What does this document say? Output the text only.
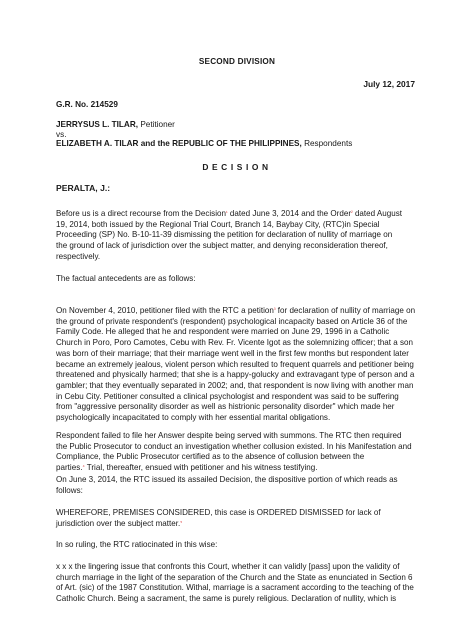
SECOND DIVISION
July 12, 2017
G.R. No. 214529
JERRYSUS L. TILAR, Petitioner
vs.
ELIZABETH A. TILAR and the REPUBLIC OF THE PHILIPPINES, Respondents
DECISION
PERALTA, J.:
Before us is a direct recourse from the Decision$^{^1}$ dated June 3, 2014 and the Order$^{^2}$ dated August
19, 2014, both issued by the Regional Trial Court, Branch 14, Baybay City, (RTC)in Special
Proceeding (SP) No. B-10-11-39 dismissing the petition for declaration of nullity of marriage on
the ground of lack of jurisdiction over the subject matter, and denying reconsideration thereof,
respectively.
The factual antecedents are as follows:
On November 4, 2010, petitioner filed with the RTC a petition$^{^3}$ for declaration of nullity of marriage on
the ground of private respondent's (respondent) psychological incapacity based on Article 36 of the
Family Code. He alleged that he and respondent were married on June 29, 1996 in a Catholic
Church in Poro, Poro Camotes, Cebu with Rev. Fr. Vicente Igot as the solemnizing officer; that a son
was born of their marriage; that their marriage went well in the first few months but respondent later
became an extremely jealous, violent person which resulted to frequent quarrels and petitioner being
threatened and physically harmed; that she is a happy-golucky and extravagant type of person and a
gambler; that they eventually separated in 2002; and, that respondent is now living with another man
in Cebu City. Petitioner consulted a clinical psychologist and respondent was said to be suffering
from "aggressive personality disorder as well as histrionic personality disorder" which made her
psychologically incapacitated to comply with her essential marital obligations.
Respondent failed to file her Answer despite being served with summons. The RTC then required
the Public Prosecutor to conduct an investigation whether collusion existed. In his Manifestation and
Compliance, the Public Prosecutor certified as to the absence of collusion between the
parties.$^{^4}$ Trial, thereafter, ensued with petitioner and his witness testifying.
On June 3, 2014, the RTC issued its assailed Decision, the dispositive portion of which reads as
follows:
WHEREFORE, PREMISES CONSIDERED, this case is ORDERED DISMISSED for lack of
jurisdiction over the subject matter.$^{^5}$
In so ruling, the RTC ratiocinated in this wise:
x x x the lingering issue that confronts this Court, whether it can validly [pass] upon the validity of
church marriage in the light of the separation of the Church and the State as enunciated in Section 6
of Art. (sic) of the 1987 Constitution. Withal, marriage is a sacrament according to the teaching of the
Catholic Church. Being a sacrament, the same is purely religious. Declaration of nullity, which is
